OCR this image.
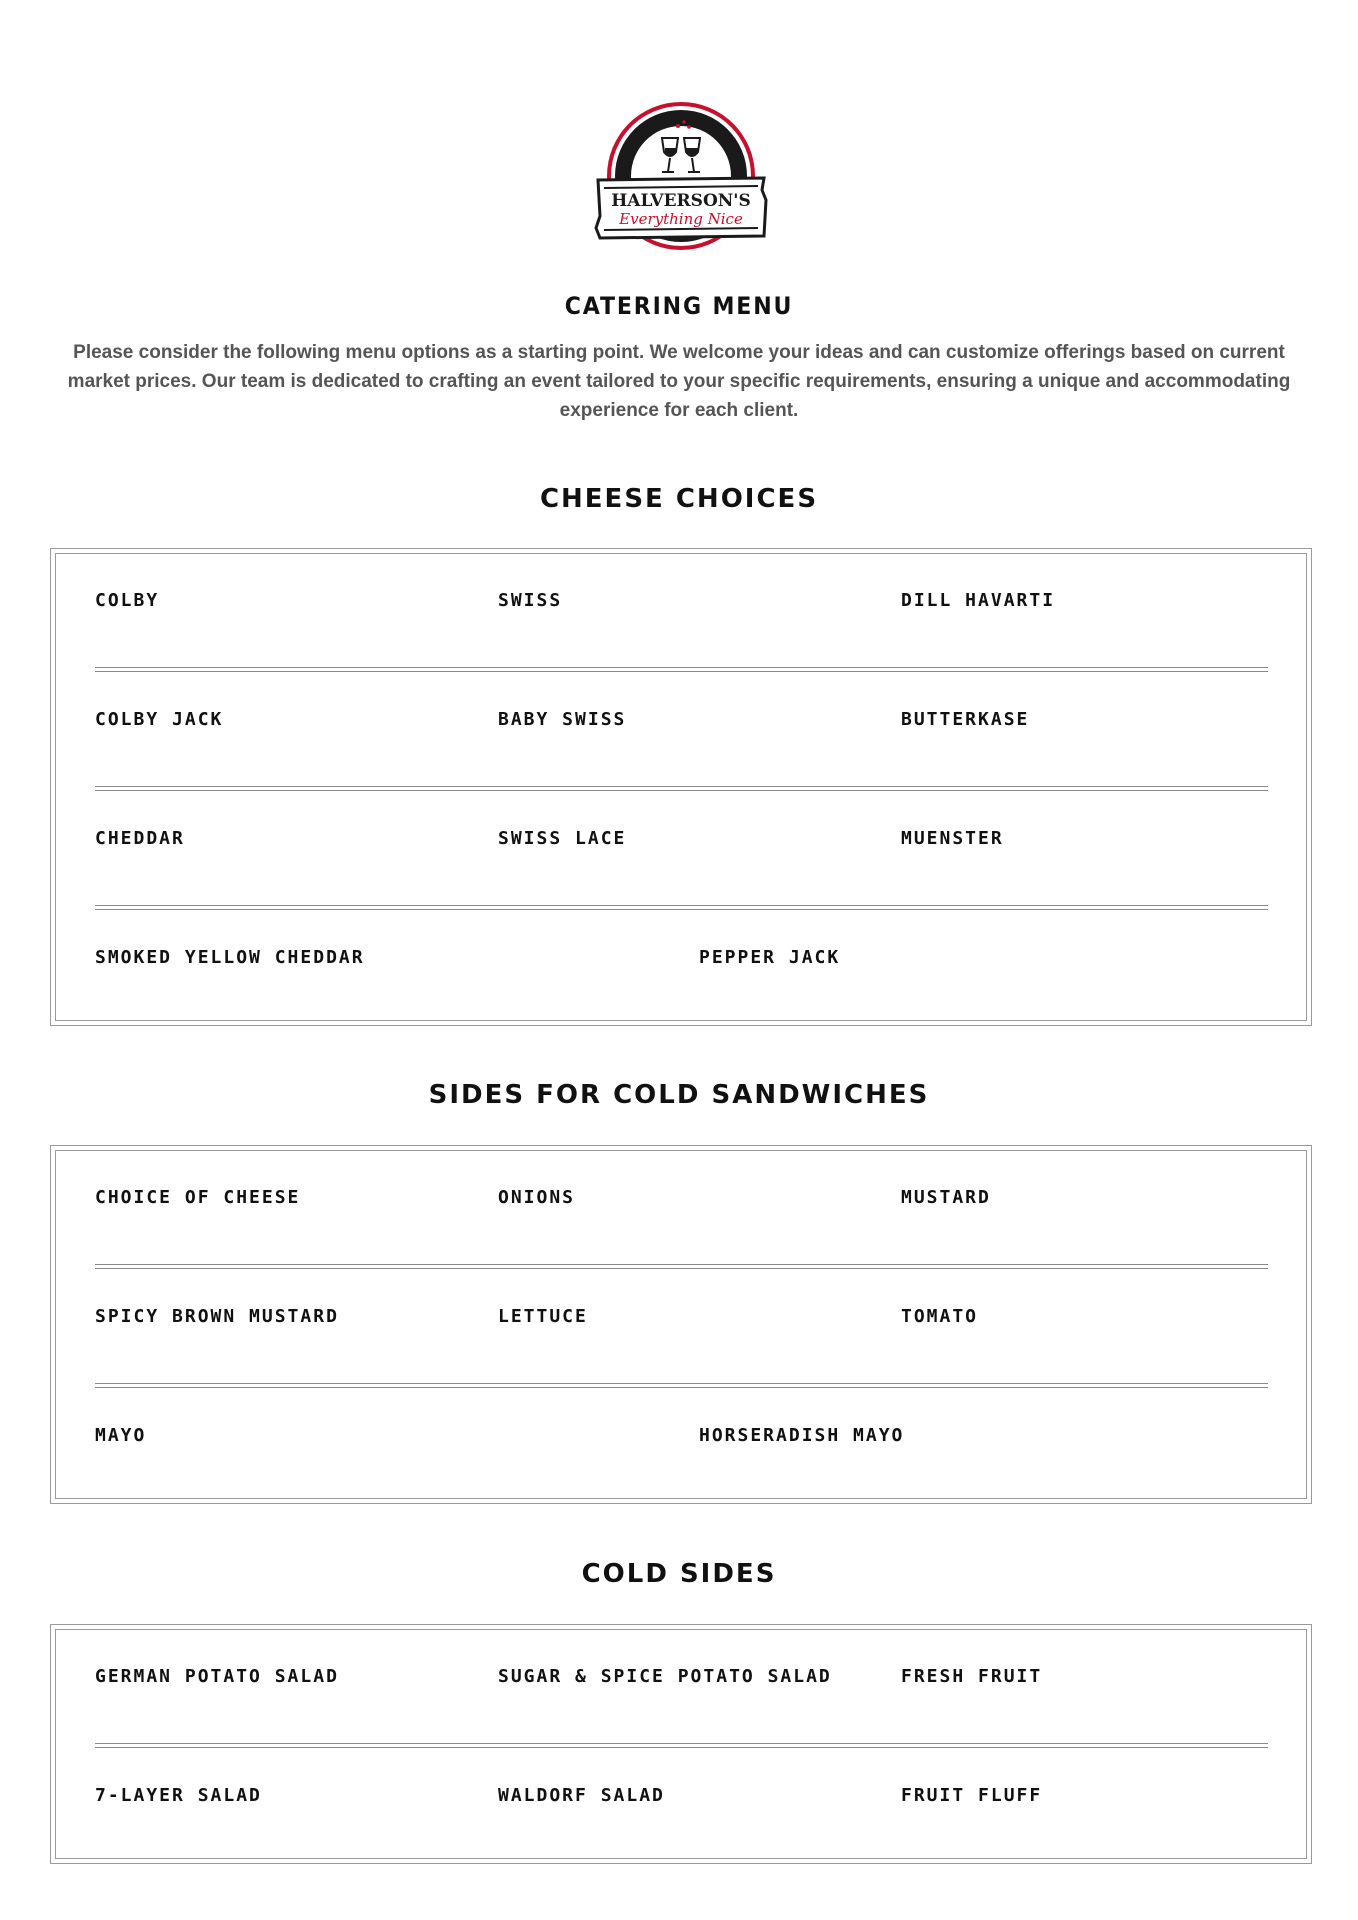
HALVERSON'S
Everything Nice
CATERING MENU
Please consider the following menu options as a starting point. We welcome your ideas and can customize offerings based on current market prices. Our team is dedicated to crafting an event tailored to your specific requirements, ensuring a unique and accommodating experience for each client.
CHEESE CHOICES
COLBY	SWISS	DILL HAVARTI
COLBY JACK	BABY SWISS	BUTTERKASE
CHEDDAR	SWISS LACE	MUENSTER
SMOKED YELLOW CHEDDAR	PEPPER JACK
SIDES FOR COLD SANDWICHES
CHOICE OF CHEESE	ONIONS	MUSTARD
SPICY BROWN MUSTARD	LETTUCE	TOMATO
MAYO	HORSERADISH MAYO
COLD SIDES
GERMAN POTATO SALAD	SUGAR & SPICE POTATO SALAD	FRESH FRUIT
7-LAYER SALAD	WALDORF SALAD	FRUIT FLUFF
